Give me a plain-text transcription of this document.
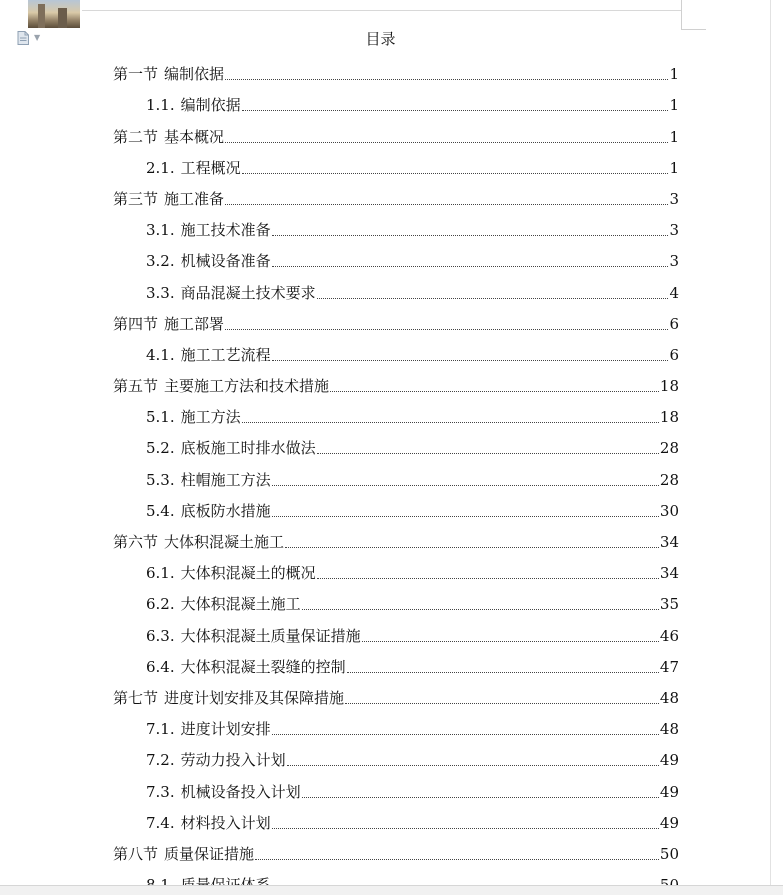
▼	目录
第一节 编制依据	1
1.1. 编制依据	1
第二节 基本概况	1
2.1. 工程概况	1
第三节 施工准备	3
3.1. 施工技术准备	3
3.2. 机械设备准备	3
3.3. 商品混凝土技术要求	4
第四节 施工部署	6
4.1. 施工工艺流程	6
第五节 主要施工方法和技术措施	18
5.1. 施工方法	18
5.2. 底板施工时排水做法	28
5.3. 柱帽施工方法	28
5.4. 底板防水措施	30
第六节 大体积混凝土施工	34
6.1. 大体积混凝土的概况	34
6.2. 大体积混凝土施工	35
6.3. 大体积混凝土质量保证措施	46
6.4. 大体积混凝土裂缝的控制	47
第七节 进度计划安排及其保障措施	48
7.1. 进度计划安排	48
7.2. 劳动力投入计划	49
7.3. 机械设备投入计划	49
7.4. 材料投入计划	49
第八节 质量保证措施	50
